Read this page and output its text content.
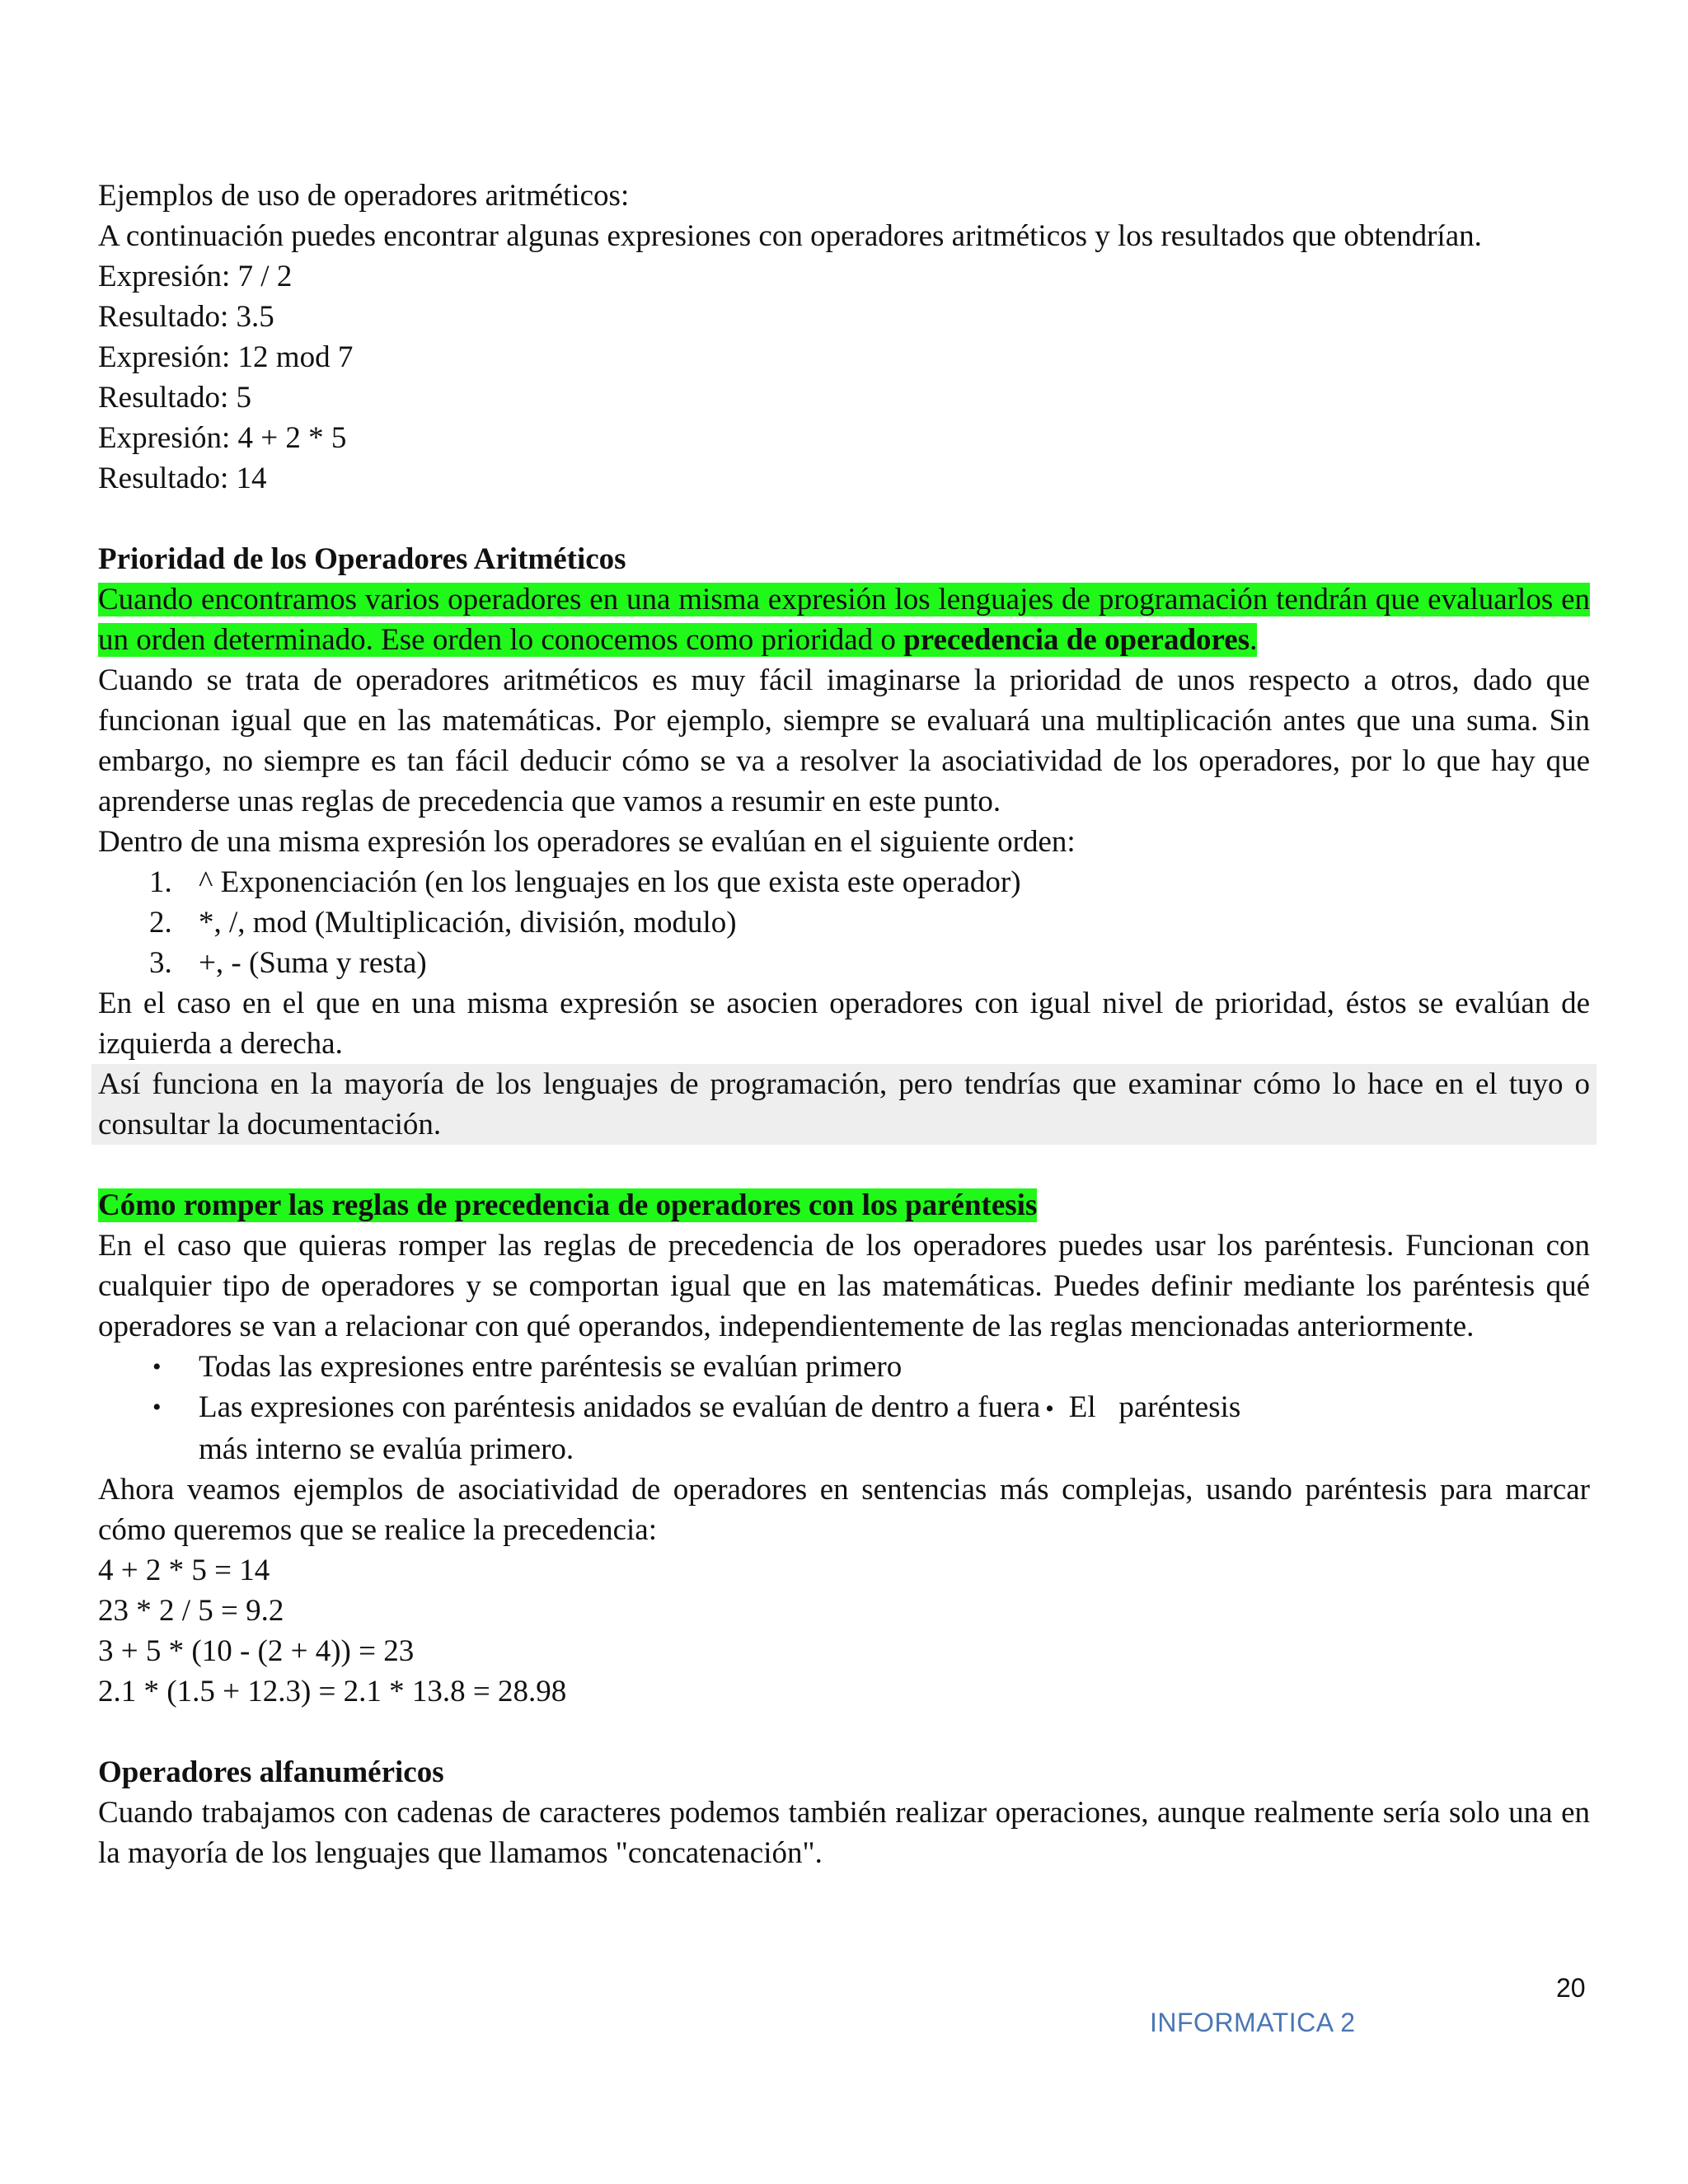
Ejemplos de uso de operadores aritméticos:
A continuación puedes encontrar algunas expresiones con operadores aritméticos y los resultados que obtendrían.
Expresión: 7 / 2
Resultado: 3.5
Expresión: 12 mod 7
Resultado: 5
Expresión: 4 + 2 * 5
Resultado: 14
Prioridad de los Operadores Aritméticos
Cuando encontramos varios operadores en una misma expresión los lenguajes de programación tendrán que evaluarlos en un orden determinado. Ese orden lo conocemos como prioridad o precedencia de operadores.
Cuando se trata de operadores aritméticos es muy fácil imaginarse la prioridad de unos respecto a otros, dado que funcionan igual que en las matemáticas. Por ejemplo, siempre se evaluará una multiplicación antes que una suma. Sin embargo, no siempre es tan fácil deducir cómo se va a resolver la asociatividad de los operadores, por lo que hay que aprenderse unas reglas de precedencia que vamos a resumir en este punto.
Dentro de una misma expresión los operadores se evalúan en el siguiente orden:
1. ^ Exponenciación (en los lenguajes en los que exista este operador)
2. *, /, mod (Multiplicación, división, modulo)
3. +, - (Suma y resta)
En el caso en el que en una misma expresión se asocien operadores con igual nivel de prioridad, éstos se evalúan de izquierda a derecha.
Así funciona en la mayoría de los lenguajes de programación, pero tendrías que examinar cómo lo hace en el tuyo o consultar la documentación.
Cómo romper las reglas de precedencia de operadores con los paréntesis
En el caso que quieras romper las reglas de precedencia de los operadores puedes usar los paréntesis. Funcionan con cualquier tipo de operadores y se comportan igual que en las matemáticas. Puedes definir mediante los paréntesis qué operadores se van a relacionar con qué operandos, independientemente de las reglas mencionadas anteriormente.
• Todas las expresiones entre paréntesis se evalúan primero
• Las expresiones con paréntesis anidados se evalúan de dentro a fuera • El   paréntesis
más interno se evalúa primero.
Ahora veamos ejemplos de asociatividad de operadores en sentencias más complejas, usando paréntesis para marcar cómo queremos que se realice la precedencia:
4 + 2 * 5 = 14
23 * 2 / 5 = 9.2
3 + 5 * (10 - (2 + 4)) = 23
2.1 * (1.5 + 12.3) = 2.1 * 13.8 = 28.98
Operadores alfanuméricos
Cuando trabajamos con cadenas de caracteres podemos también realizar operaciones, aunque realmente sería solo una en la mayoría de los lenguajes que llamamos "concatenación".
20
INFORMATICA 2
